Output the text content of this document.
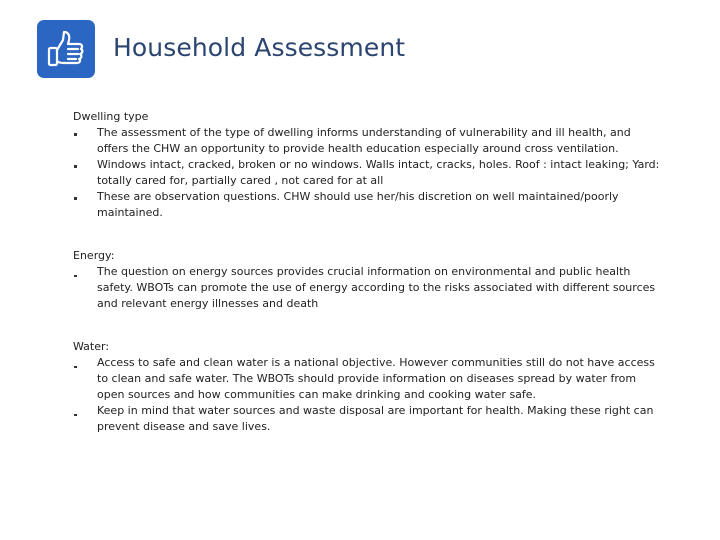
Household Assessment
Dwelling type
The assessment of the type of dwelling informs understanding of vulnerability and ill health, and offers the CHW an opportunity to provide health education especially around cross ventilation.
Windows intact, cracked, broken or no windows. Walls intact, cracks, holes. Roof : intact leaking; Yard: totally cared for, partially cared , not cared for at all
These are observation questions. CHW should use her/his discretion on well maintained/poorly maintained.
Energy:
The question on energy sources provides crucial information on environmental and public health safety. WBOTs can promote the use of energy according to the risks associated with different sources and relevant energy illnesses and death
Water:
Access to safe and clean water is a national objective. However communities still do not have access to clean and safe water. The WBOTs should provide information on diseases spread by water from open sources and how communities can make drinking and cooking water safe.
Keep in mind that water sources and waste disposal are important for health. Making these right can prevent disease and save lives.
